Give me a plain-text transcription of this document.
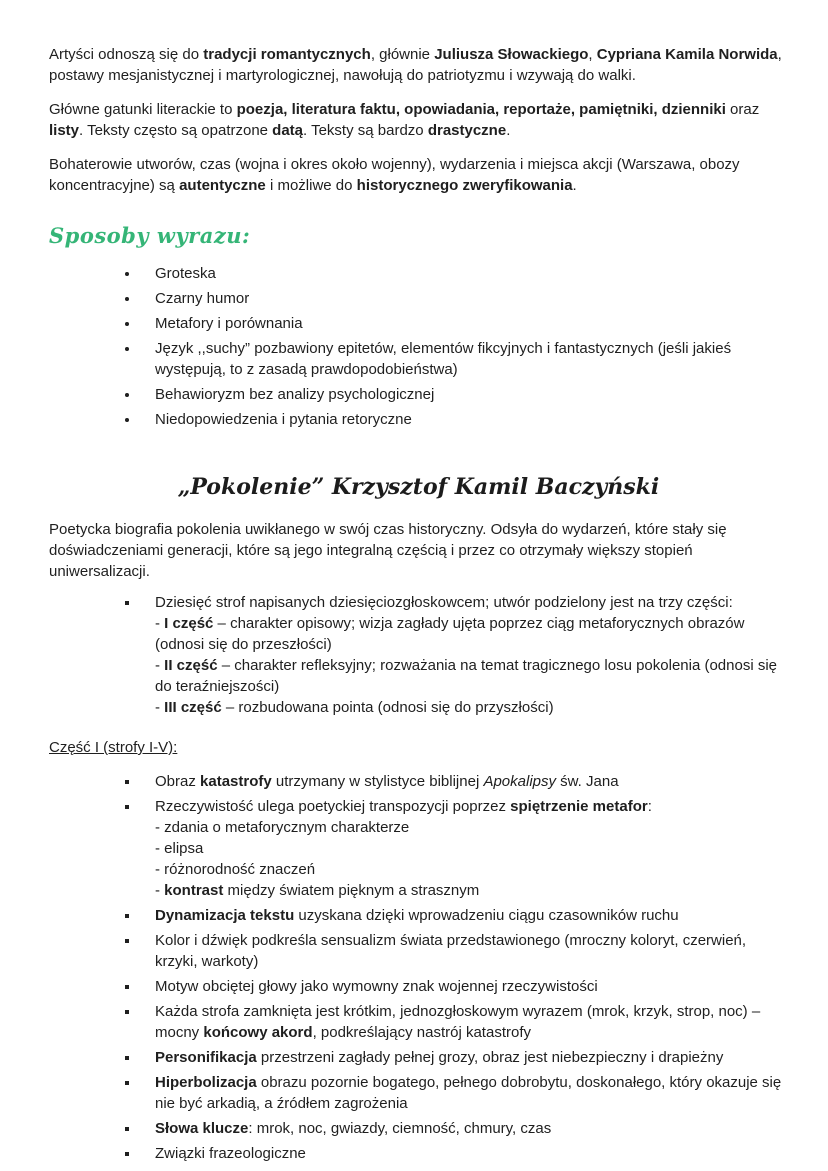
Artyści odnoszą się do tradycji romantycznych, głównie Juliusza Słowackiego, Cypriana Kamila Norwida, postawy mesjanistycznej i martyrologicznej, nawołują do patriotyzmu i wzywają do walki.

Główne gatunki literackie to poezja, literatura faktu, opowiadania, reportaże, pamiętniki, dzienniki oraz listy. Teksty często są opatrzone datą. Teksty są bardzo drastyczne.

Bohaterowie utworów, czas (wojna i okres około wojenny), wydarzenia i miejsca akcji (Warszawa, obozy koncentracyjne) są autentyczne i możliwe do historycznego zweryfikowania.

Sposoby wyrazu:
• Groteska
• Czarny humor
• Metafory i porównania
• Język ,,suchy” pozbawiony epitetów, elementów fikcyjnych i fantastycznych (jeśli jakieś występują, to z zasadą prawdopodobieństwa)
• Behawioryzm bez analizy psychologicznej
• Niedopowiedzenia i pytania retoryczne
„Pokolenie” Krzysztof Kamil Baczyński

Poetycka biografia pokolenia uwikłanego w swój czas historyczny. Odsyła do wydarzeń, które stały się doświadczeniami generacji, które są jego integralną częścią i przez co otrzymały większy stopień uniwersalizacji.

▪ Dziesięć strof napisanych dziesięciozgłoskowcem; utwór podzielony jest na trzy części:
- I część – charakter opisowy; wizja zagłady ujęta poprzez ciąg metaforycznych obrazów (odnosi się do przeszłości)
- II część – charakter refleksyjny; rozważania na temat tragicznego losu pokolenia (odnosi się do teraźniejszości)
- III część – rozbudowana pointa (odnosi się do przyszłości)
Część I (strofy I-V):
▪ Obraz katastrofy utrzymany w stylistyce biblijnej Apokalipsy św. Jana
▪ Rzeczywistość ulega poetyckiej transpozycji poprzez spiętrzenie metafor:
- zdania o metaforycznym charakterze
- elipsa
- różnorodność znaczeń
- kontrast między światem pięknym a strasznym
▪ Dynamizacja tekstu uzyskana dzięki wprowadzeniu ciągu czasowników ruchu
▪ Kolor i dźwięk podkreśla sensualizm świata przedstawionego (mroczny koloryt, czerwień, krzyki, warkoty)
▪ Motyw obciętej głowy jako wymowny znak wojennej rzeczywistości
▪ Każda strofa zamknięta jest krótkim, jednozgłoskowym wyrazem (mrok, krzyk, strop, noc) – mocny końcowy akord, podkreślający nastrój katastrofy
▪ Personifikacja przestrzeni zagłady pełnej grozy, obraz jest niebezpieczny i drapieżny
▪ Hiperbolizacja obrazu pozornie bogatego, pełnego dobrobytu, doskonałego, który okazuje się nie być arkadią, a źródłem zagrożenia
▪ Słowa klucze: mrok, noc, gwiazdy, ciemność, chmury, czas
▪ Związki frazeologiczne
